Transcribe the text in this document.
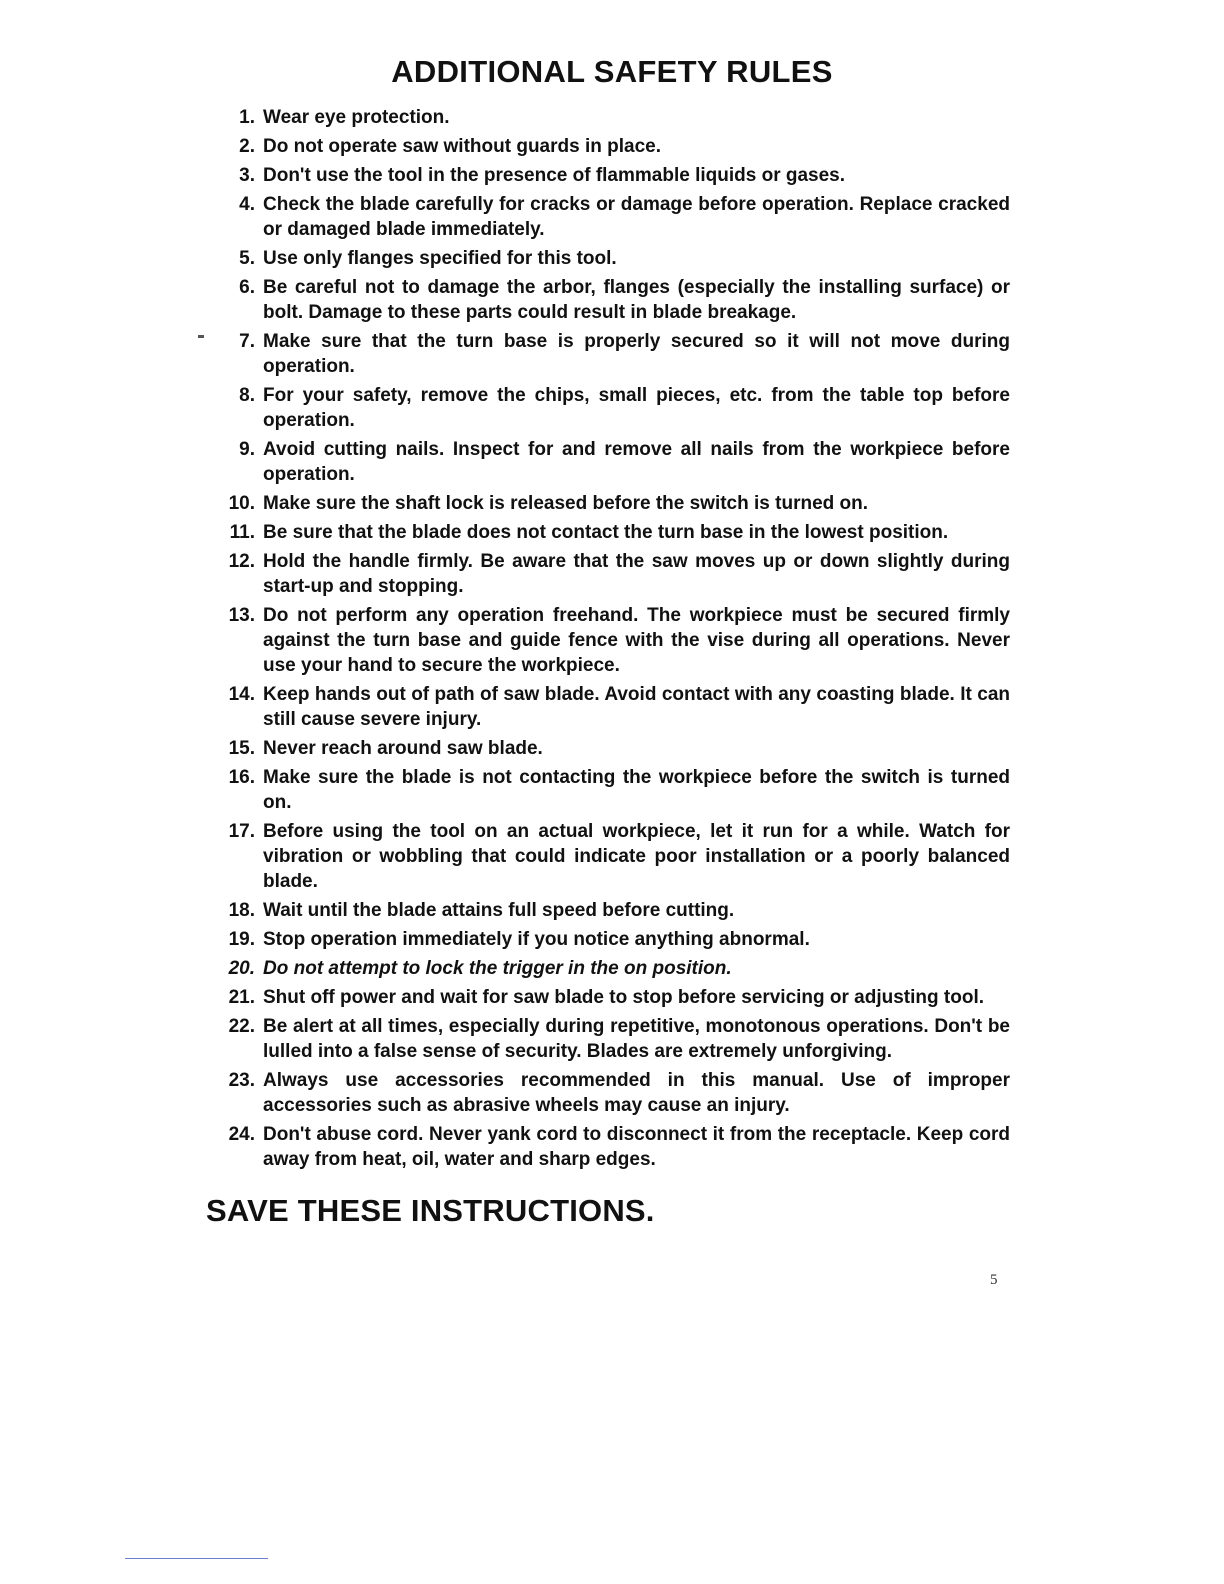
ADDITIONAL SAFETY RULES
1. Wear eye protection.
2. Do not operate saw without guards in place.
3. Don't use the tool in the presence of flammable liquids or gases.
4. Check the blade carefully for cracks or damage before operation. Replace cracked or damaged blade immediately.
5. Use only flanges specified for this tool.
6. Be careful not to damage the arbor, flanges (especially the installing surface) or bolt. Damage to these parts could result in blade breakage.
7. Make sure that the turn base is properly secured so it will not move during operation.
8. For your safety, remove the chips, small pieces, etc. from the table top before operation.
9. Avoid cutting nails. Inspect for and remove all nails from the workpiece before operation.
10. Make sure the shaft lock is released before the switch is turned on.
11. Be sure that the blade does not contact the turn base in the lowest position.
12. Hold the handle firmly. Be aware that the saw moves up or down slightly during start-up and stopping.
13. Do not perform any operation freehand. The workpiece must be secured firmly against the turn base and guide fence with the vise during all operations. Never use your hand to secure the workpiece.
14. Keep hands out of path of saw blade. Avoid contact with any coasting blade. It can still cause severe injury.
15. Never reach around saw blade.
16. Make sure the blade is not contacting the workpiece before the switch is turned on.
17. Before using the tool on an actual workpiece, let it run for a while. Watch for vibration or wobbling that could indicate poor installation or a poorly balanced blade.
18. Wait until the blade attains full speed before cutting.
19. Stop operation immediately if you notice anything abnormal.
20. Do not attempt to lock the trigger in the on position.
21. Shut off power and wait for saw blade to stop before servicing or adjusting tool.
22. Be alert at all times, especially during repetitive, monotonous operations. Don't be lulled into a false sense of security. Blades are extremely unforgiving.
23. Always use accessories recommended in this manual. Use of improper accessories such as abrasive wheels may cause an injury.
24. Don't abuse cord. Never yank cord to disconnect it from the receptacle. Keep cord away from heat, oil, water and sharp edges.
SAVE THESE INSTRUCTIONS.
5
